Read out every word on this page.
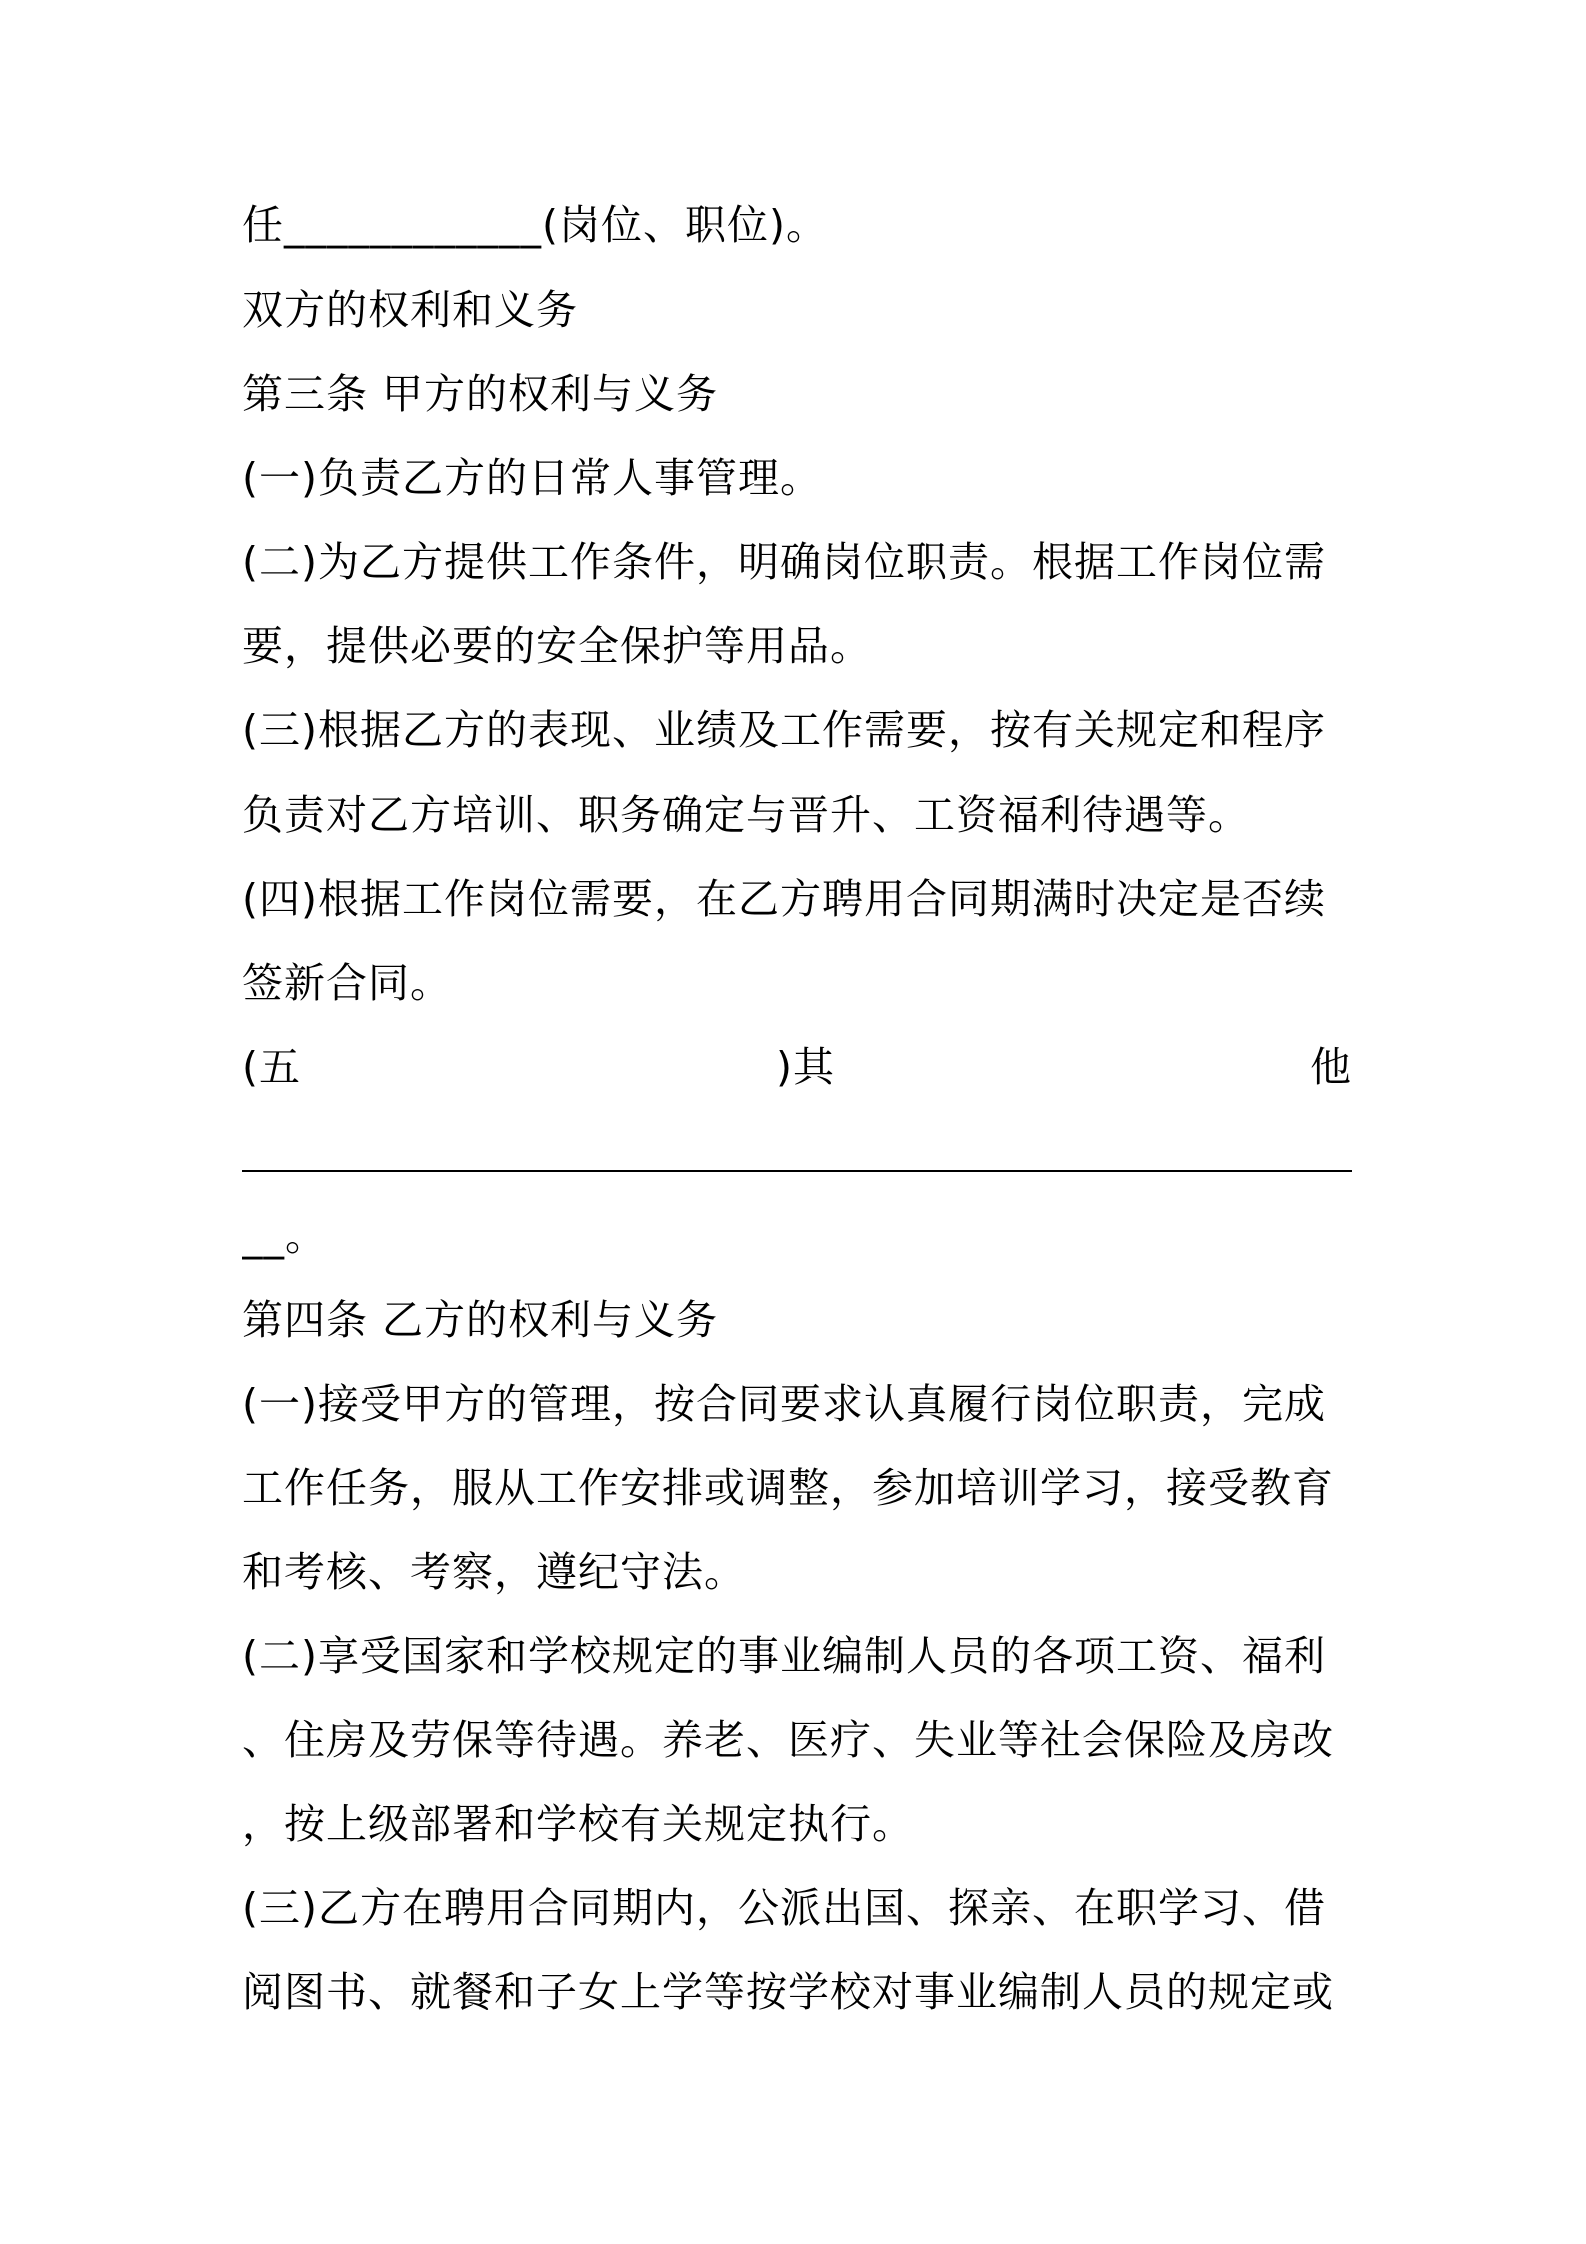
任____________(岗位、职位)。
双方的权利和义务
第三条 甲方的权利与义务
(一)负责乙方的日常人事管理。
(二)为乙方提供工作条件，明确岗位职责。根据工作岗位需
要，提供必要的安全保护等用品。
(三)根据乙方的表现、业绩及工作需要，按有关规定和程序
负责对乙方培训、职务确定与晋升、工资福利待遇等。
(四)根据工作岗位需要，在乙方聘用合同期满时决定是否续
签新合同。
(五	)其	他
__。
第四条 乙方的权利与义务
(一)接受甲方的管理，按合同要求认真履行岗位职责，完成
工作任务，服从工作安排或调整，参加培训学习，接受教育
和考核、考察，遵纪守法。
(二)享受国家和学校规定的事业编制人员的各项工资、福利
、住房及劳保等待遇。养老、医疗、失业等社会保险及房改
，按上级部署和学校有关规定执行。
(三)乙方在聘用合同期内，公派出国、探亲、在职学习、借
阅图书、就餐和子女上学等按学校对事业编制人员的规定或
